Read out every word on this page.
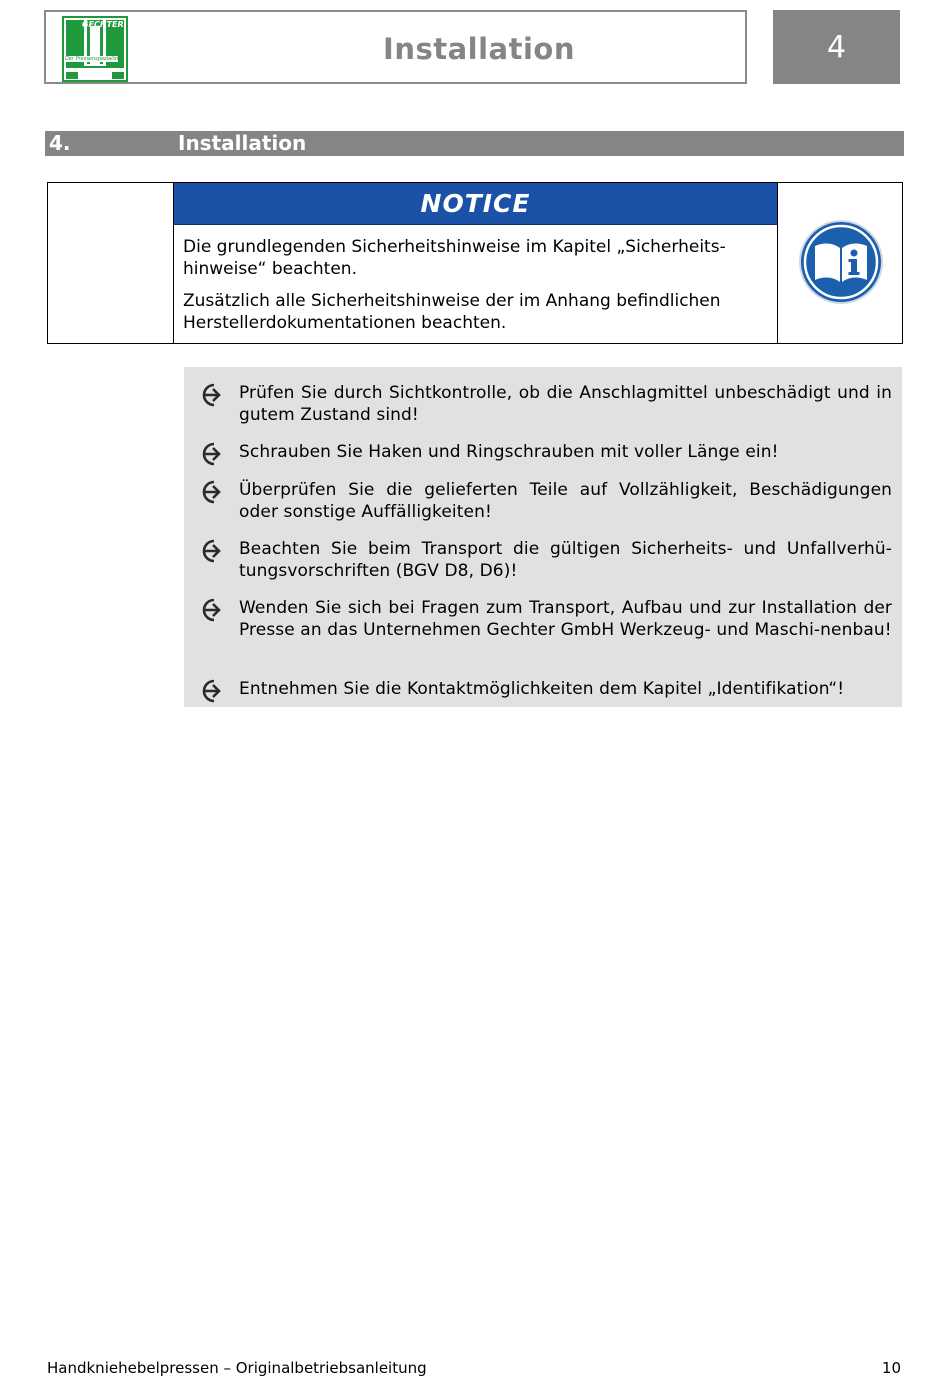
GECHTER
Der Pressenspezialist	Installation	4
4.	Installation
NOTICE
Die grundlegenden Sicherheitshinweise im Kapitel „Sicherheits-hinweise“ beachten.
Zusätzlich alle Sicherheitshinweise der im Anhang befindlichen Herstellerdokumentationen beachten.
Prüfen Sie durch Sichtkontrolle, ob die Anschlagmittel unbeschädigt und in gutem Zustand sind!
Schrauben Sie Haken und Ringschrauben mit voller Länge ein!
Überprüfen Sie die gelieferten Teile auf Vollzähligkeit, Beschädigungen oder sonstige Auffälligkeiten!
Beachten Sie beim Transport die gültigen Sicherheits- und Unfallverhü-tungsvorschriften (BGV D8, D6)!
Wenden Sie sich bei Fragen zum Transport, Aufbau und zur Installation der Presse an das Unternehmen Gechter GmbH Werkzeug- und Maschi-nenbau!
Entnehmen Sie die Kontaktmöglichkeiten dem Kapitel „Identifikation“!
Handkniehebelpressen – Originalbetriebsanleitung	10
